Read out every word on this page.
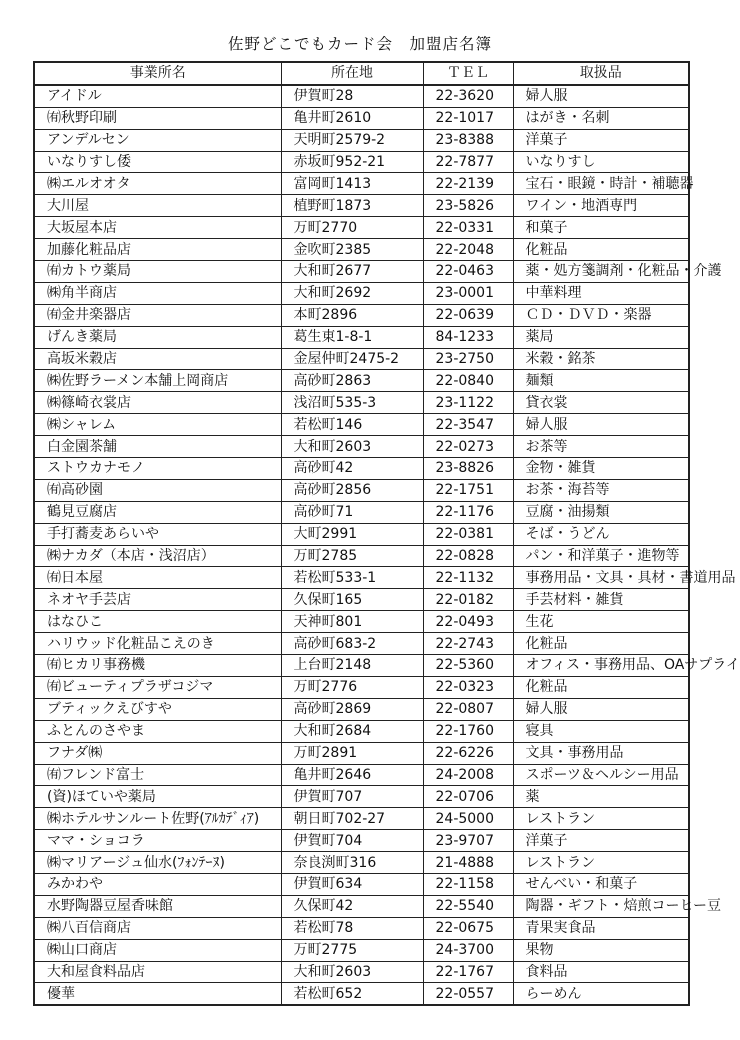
佐野どこでもカード会　加盟店名簿
事業所名	所在地	ＴＥＬ	取扱品
アイドル	伊賀町28	22-3620	婦人服
㈲秋野印刷	亀井町2610	22-1017	はがき・名刺
アンデルセン	天明町2579-2	23-8388	洋菓子
いなりすし倭	赤坂町952-21	22-7877	いなりすし
㈱エルオオタ	富岡町1413	22-2139	宝石・眼鏡・時計・補聴器
大川屋	植野町1873	23-5826	ワイン・地酒専門
大坂屋本店	万町2770	22-0331	和菓子
加藤化粧品店	金吹町2385	22-2048	化粧品
㈲カトウ薬局	大和町2677	22-0463	薬・処方箋調剤・化粧品・介護
㈱角半商店	大和町2692	23-0001	中華料理
㈲金井楽器店	本町2896	22-0639	ＣＤ・ＤＶＤ・楽器
げんき薬局	葛生東1-8-1	84-1233	薬局
高坂米穀店	金屋仲町2475-2	23-2750	米穀・銘茶
㈱佐野ラーメン本舗上岡商店	高砂町2863	22-0840	麺類
㈱篠崎衣裳店	浅沼町535-3	23-1122	貸衣裳
㈱シャレム	若松町146	22-3547	婦人服
白金園茶舗	大和町2603	22-0273	お茶等
ストウカナモノ	高砂町42	23-8826	金物・雑貨
㈲高砂園	高砂町2856	22-1751	お茶・海苔等
鶴見豆腐店	高砂町71	22-1176	豆腐・油揚類
手打蕎麦あらいや	大町2991	22-0381	そば・うどん
㈱ナカダ（本店・浅沼店）	万町2785	22-0828	パン・和洋菓子・進物等
㈲日本屋	若松町533-1	22-1132	事務用品・文具・具材・書道用品
ネオヤ手芸店	久保町165	22-0182	手芸材料・雑貨
はなひこ	天神町801	22-0493	生花
ハリウッド化粧品こえのき	高砂町683-2	22-2743	化粧品
㈲ヒカリ事務機	上台町2148	22-5360	オフィス・事務用品、OAサプライ
㈲ビューティプラザコジマ	万町2776	22-0323	化粧品
ブティックえびすや	高砂町2869	22-0807	婦人服
ふとんのさやま	大和町2684	22-1760	寝具
フナダ㈱	万町2891	22-6226	文具・事務用品
㈲フレンド富士	亀井町2646	24-2008	スポーツ＆ヘルシー用品
(資)ほていや薬局	伊賀町707	22-0706	薬
㈱ホテルサンルート佐野(ｱﾙｶﾃﾞｨｱ)	朝日町702-27	24-5000	レストラン
ママ・ショコラ	伊賀町704	23-9707	洋菓子
㈱マリアージュ仙水(ﾌｫﾝﾃｰﾇ)	奈良渕町316	21-4888	レストラン
みかわや	伊賀町634	22-1158	せんべい・和菓子
水野陶器豆屋香味館	久保町42	22-5540	陶器・ギフト・焙煎コーヒー豆
㈱八百信商店	若松町78	22-0675	青果実食品
㈱山口商店	万町2775	24-3700	果物
大和屋食料品店	大和町2603	22-1767	食料品
優華	若松町652	22-0557	らーめん
